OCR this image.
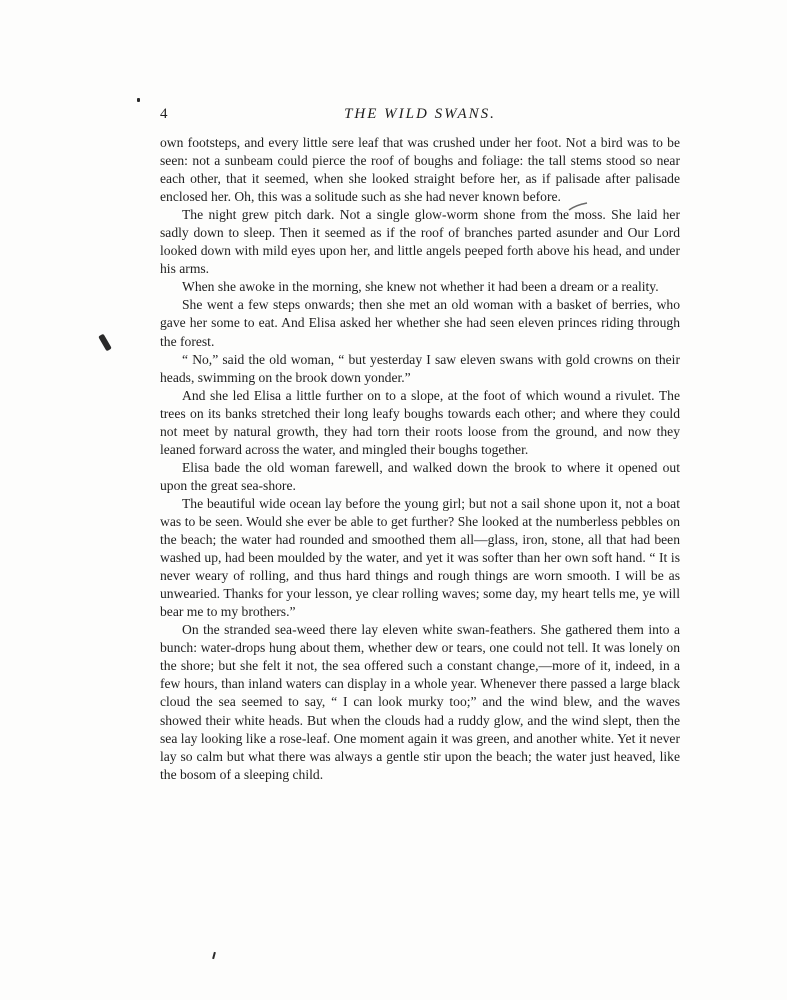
4	THE WILD SWANS.

own footsteps, and every little sere leaf that was crushed under her foot. Not a bird was to be seen: not a sunbeam could pierce the roof of boughs and foliage: the tall stems stood so near each other, that it seemed, when she looked straight before her, as if palisade after palisade enclosed her. Oh, this was a solitude such as she had never known before.

The night grew pitch dark. Not a single glow-worm shone from the moss. She laid her sadly down to sleep. Then it seemed as if the roof of branches parted asunder and Our Lord looked down with mild eyes upon her, and little angels peeped forth above his head, and under his arms.

When she awoke in the morning, she knew not whether it had been a dream or a reality.

She went a few steps onwards; then she met an old woman with a basket of berries, who gave her some to eat. And Elisa asked her whether she had seen eleven princes riding through the forest.

“ No,” said the old woman, “ but yesterday I saw eleven swans with gold crowns on their heads, swimming on the brook down yonder.”

And she led Elisa a little further on to a slope, at the foot of which wound a rivulet. The trees on its banks stretched their long leafy boughs towards each other; and where they could not meet by natural growth, they had torn their roots loose from the ground, and now they leaned forward across the water, and mingled their boughs together.

Elisa bade the old woman farewell, and walked down the brook to where it opened out upon the great sea-shore.

The beautiful wide ocean lay before the young girl; but not a sail shone upon it, not a boat was to be seen. Would she ever be able to get further? She looked at the numberless pebbles on the beach; the water had rounded and smoothed them all—glass, iron, stone, all that had been washed up, had been moulded by the water, and yet it was softer than her own soft hand. “ It is never weary of rolling, and thus hard things and rough things are worn smooth. I will be as unwearied. Thanks for your lesson, ye clear rolling waves; some day, my heart tells me, ye will bear me to my brothers.”

On the stranded sea-weed there lay eleven white swan-feathers. She gathered them into a bunch: water-drops hung about them, whether dew or tears, one could not tell. It was lonely on the shore; but she felt it not, the sea offered such a constant change,—more of it, indeed, in a few hours, than inland waters can display in a whole year. Whenever there passed a large black cloud the sea seemed to say, “ I can look murky too;” and the wind blew, and the waves showed their white heads. But when the clouds had a ruddy glow, and the wind slept, then the sea lay looking like a rose-leaf. One moment again it was green, and another white. Yet it never lay so calm but what there was always a gentle stir upon the beach; the water just heaved, like the bosom of a sleeping child.
